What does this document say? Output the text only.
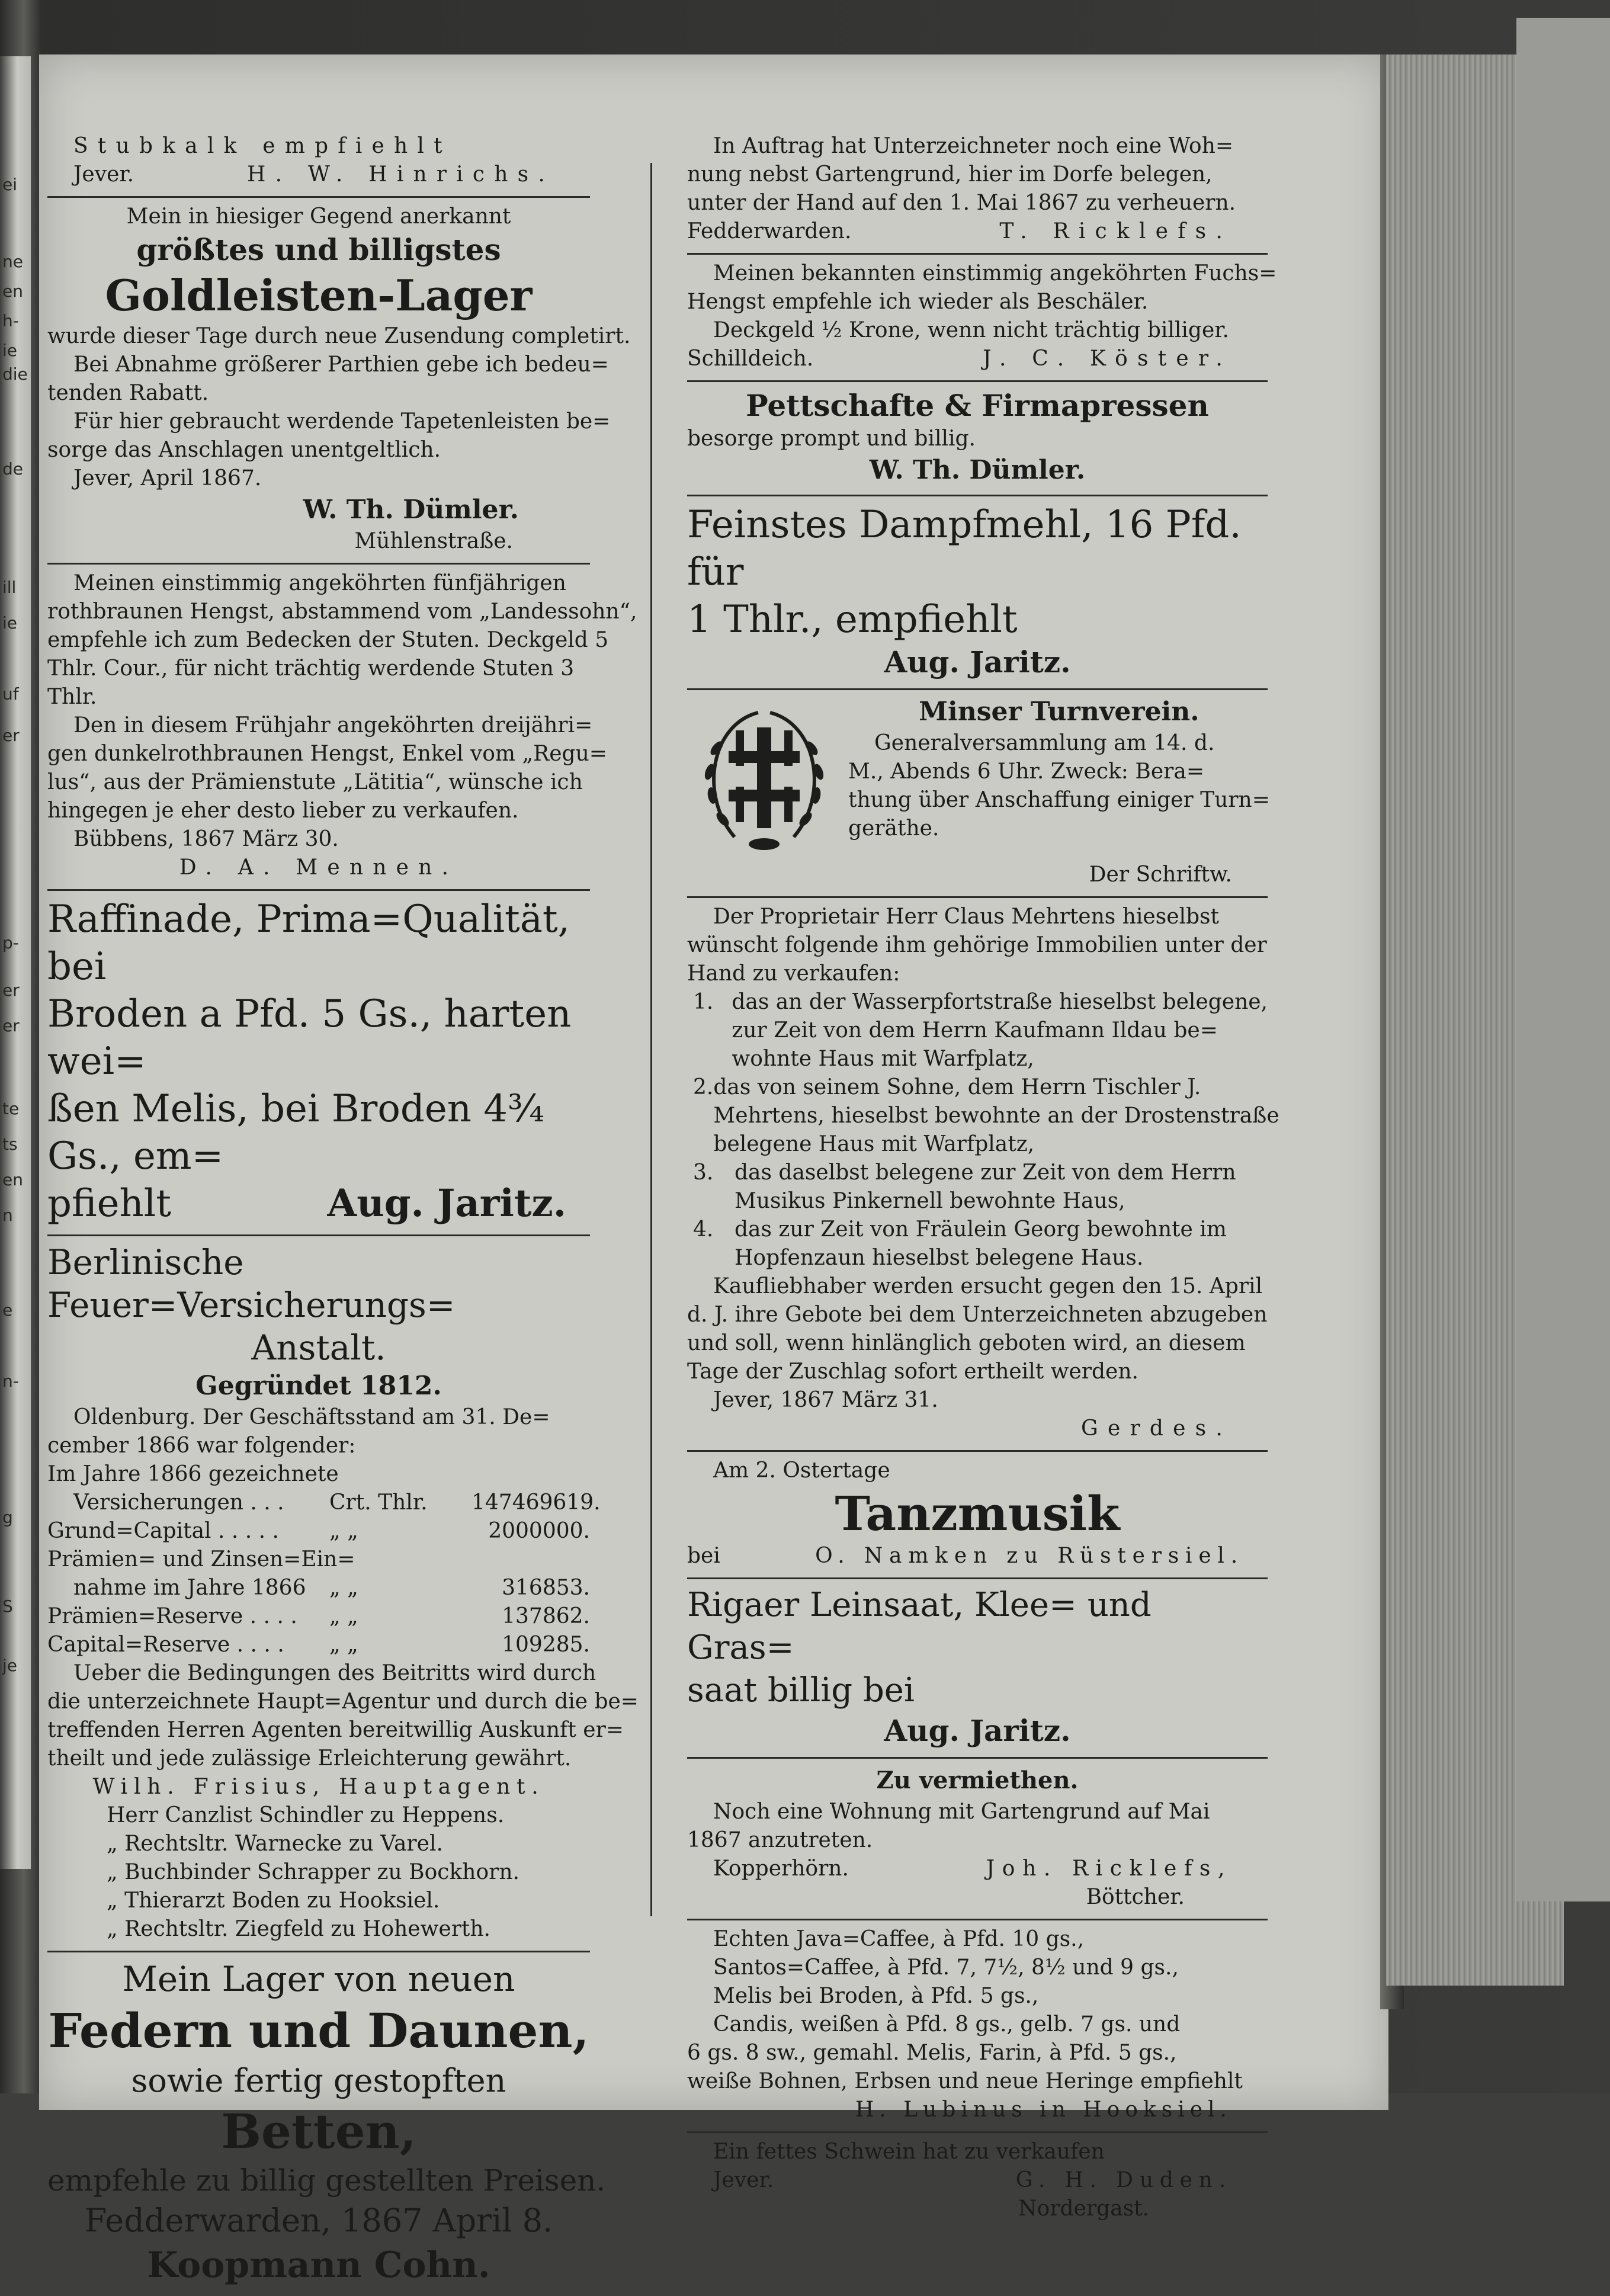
ei
ne
en
h-
ie
die
de
ill
ie
uf
er
p-
er
er
te
ts
en
n
e
n-
g
S
je
Stubkalk empfiehlt
Jever.	H. W. Hinrichs.
Mein in hiesiger Gegend anerkannt
größtes und billigstes
Goldleisten-Lager
wurde dieser Tage durch neue Zusendung completirt.
Bei Abnahme größerer Parthien gebe ich bedeu=
tenden Rabatt.
Für hier gebraucht werdende Tapetenleisten be=
sorge das Anschlagen unentgeltlich.
Jever, April 1867.
W. Th. Dümler.
Mühlenstraße.
Meinen einstimmig angeköhrten fünfjährigen
rothbraunen Hengst, abstammend vom „Landessohn“,
empfehle ich zum Bedecken der Stuten. Deckgeld 5
Thlr. Cour., für nicht trächtig werdende Stuten 3
Thlr.
Den in diesem Frühjahr angeköhrten dreijähri=
gen dunkelrothbraunen Hengst, Enkel vom „Regu=
lus“, aus der Prämienstute „Lätitia“, wünsche ich
hingegen je eher desto lieber zu verkaufen.
Bübbens, 1867 März 30.
D. A. Mennen.
Raffinade, Prima=Qualität, bei
Broden a Pfd. 5 Gs., harten wei=
ßen Melis, bei Broden 4¾ Gs., em=
pfiehlt	Aug. Jaritz.
Berlinische Feuer=Versicherungs=
Anstalt.
Gegründet 1812.
Oldenburg. Der Geschäftsstand am 31. De=
cember 1866 war folgender:
Im Jahre 1866 gezeichnete
Versicherungen . . .	Crt. Thlr.	147469619.
Grund=Capital . . . . .	„ „	2000000.
Prämien= und Zinsen=Ein=
nahme im Jahre 1866	„ „	316853.
Prämien=Reserve . . . .	„ „	137862.
Capital=Reserve . . . .	„ „	109285.
Ueber die Bedingungen des Beitritts wird durch
die unterzeichnete Haupt=Agentur und durch die be=
treffenden Herren Agenten bereitwillig Auskunft er=
theilt und jede zulässige Erleichterung gewährt.
Wilh. Frisius, Hauptagent.
Herr Canzlist Schindler zu Heppens.
„ Rechtsltr. Warnecke zu Varel.
„ Buchbinder Schrapper zu Bockhorn.
„ Thierarzt Boden zu Hooksiel.
„ Rechtsltr. Ziegfeld zu Hohewerth.
Mein Lager von neuen
Federn und Daunen,
sowie fertig gestopften
Betten,
empfehle zu billig gestellten Preisen.
Fedderwarden, 1867 April 8.
Koopmann Cohn.
In Auftrag hat Unterzeichneter noch eine Woh=
nung nebst Gartengrund, hier im Dorfe belegen,
unter der Hand auf den 1. Mai 1867 zu verheuern.
Fedderwarden.	T. Ricklefs.
Meinen bekannten einstimmig angeköhrten Fuchs=
Hengst empfehle ich wieder als Beschäler.
Deckgeld ½ Krone, wenn nicht trächtig billiger.
Schilldeich.	J. C. Köster.
Pettschafte & Firmapressen
besorge prompt und billig.
W. Th. Dümler.
Feinstes Dampfmehl, 16 Pfd. für
1 Thlr., empfiehlt
Aug. Jaritz.
Minser Turnverein.
Generalversammlung am 14. d.
M., Abends 6 Uhr. Zweck: Bera=
thung über Anschaffung einiger Turn=
geräthe.
Der Schriftw.
Der Proprietair Herr Claus Mehrtens hieselbst
wünscht folgende ihm gehörige Immobilien unter der
Hand zu verkaufen:
1. das an der Wasserpfortstraße hieselbst belegene,
zur Zeit von dem Herrn Kaufmann Ildau be=
wohnte Haus mit Warfplatz,
2. das von seinem Sohne, dem Herrn Tischler J.
Mehrtens, hieselbst bewohnte an der Drostenstraße
belegene Haus mit Warfplatz,
3. das daselbst belegene zur Zeit von dem Herrn
Musikus Pinkernell bewohnte Haus,
4. das zur Zeit von Fräulein Georg bewohnte im
Hopfenzaun hieselbst belegene Haus.
Kaufliebhaber werden ersucht gegen den 15. April
d. J. ihre Gebote bei dem Unterzeichneten abzugeben
und soll, wenn hinlänglich geboten wird, an diesem
Tage der Zuschlag sofort ertheilt werden.
Jever, 1867 März 31.
Gerdes.
Am 2. Ostertage
Tanzmusik
bei	O. Namken zu Rüstersiel.
Rigaer Leinsaat, Klee= und Gras=
saat billig bei
Aug. Jaritz.
Zu vermiethen.
Noch eine Wohnung mit Gartengrund auf Mai
1867 anzutreten.
Kopperhörn.	Joh. Ricklefs,
Böttcher.
Echten Java=Caffee, à Pfd. 10 gs.,
Santos=Caffee, à Pfd. 7, 7½, 8½ und 9 gs.,
Melis bei Broden, à Pfd. 5 gs.,
Candis, weißen à Pfd. 8 gs., gelb. 7 gs. und
6 gs. 8 sw., gemahl. Melis, Farin, à Pfd. 5 gs.,
weiße Bohnen, Erbsen und neue Heringe empfiehlt
H. Lubinus in Hooksiel.
Ein fettes Schwein hat zu verkaufen
Jever.	G. H. Duden.
Nordergast.
